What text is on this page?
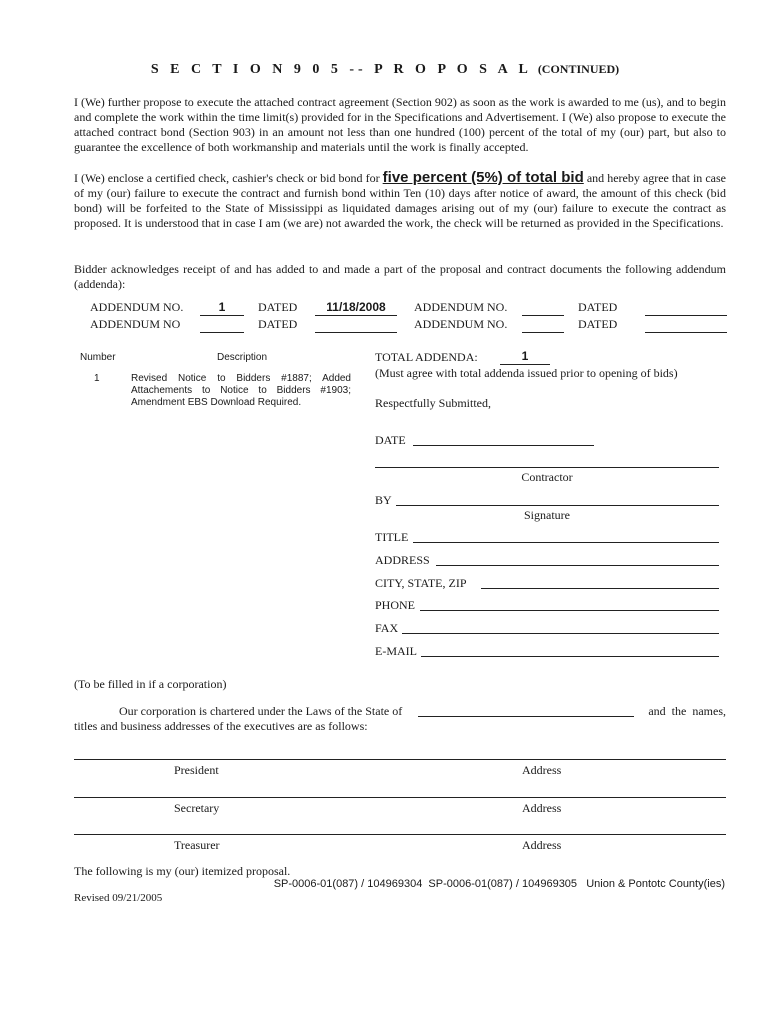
S E C T I O N 9 0 5 -- P R O P O S A L (CONTINUED)
I (We) further propose to execute the attached contract agreement (Section 902) as soon as the work is awarded to me (us), and to begin and complete the work within the time limit(s) provided for in the Specifications and Advertisement. I (We) also propose to execute the attached contract bond (Section 903) in an amount not less than one hundred (100) percent of the total of my (our) part, but also to guarantee the excellence of both workmanship and materials until the work is finally accepted.
I (We) enclose a certified check, cashier's check or bid bond for five percent (5%) of total bid and hereby agree that in case of my (our) failure to execute the contract and furnish bond within Ten (10) days after notice of award, the amount of this check (bid bond) will be forfeited to the State of Mississippi as liquidated damages arising out of my (our) failure to execute the contract as proposed. It is understood that in case I am (we are) not awarded the work, the check will be returned as provided in the Specifications.
Bidder acknowledges receipt of and has added to and made a part of the proposal and contract documents the following addendum (addenda):
ADDENDUM NO.	1	DATED	11/18/2008	ADDENDUM NO.	DATED
ADDENDUM NO	DATED	ADDENDUM NO.	DATED
Number	Description
1	Revised Notice to Bidders #1887; Added Attachements to Notice to Bidders #1903; Amendment EBS Download Required.
TOTAL ADDENDA:	1
(Must agree with total addenda issued prior to opening of bids)
Respectfully Submitted,
DATE
Contractor
BY
Signature
TITLE
ADDRESS
CITY, STATE, ZIP
PHONE
FAX
E-MAIL
(To be filled in if a corporation)
Our corporation is chartered under the Laws of the State of	and the names,
titles and business addresses of the executives are as follows:
President	Address
Secretary	Address
Treasurer	Address
The following is my (our) itemized proposal.
SP-0006-01(087) / 104969304  SP-0006-01(087) / 104969305   Union & Pontotc County(ies)
Revised 09/21/2005
